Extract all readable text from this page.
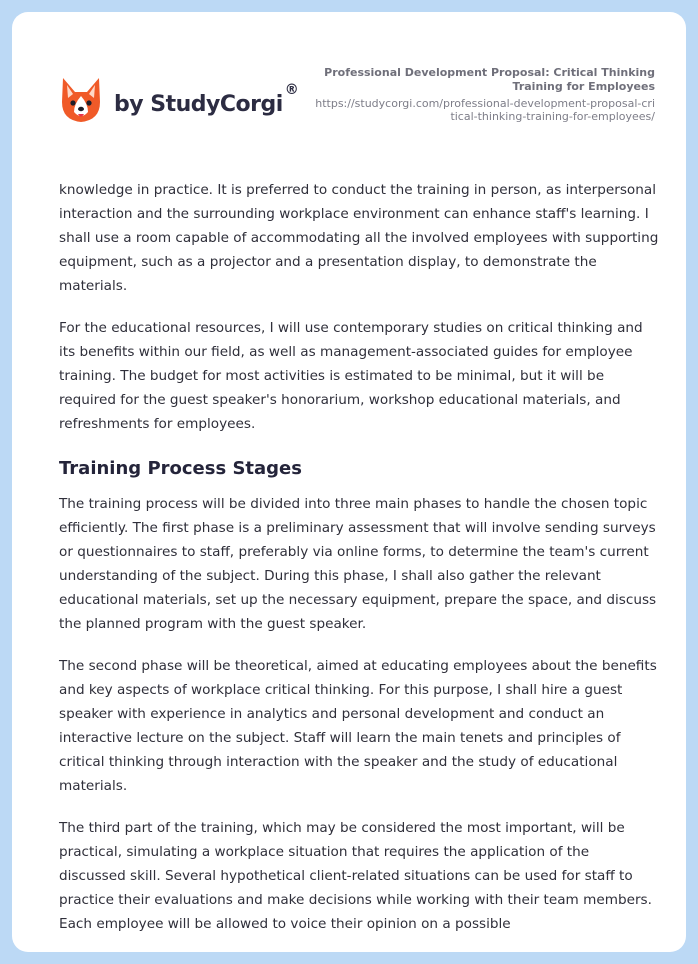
by StudyCorgi®
Professional Development Proposal: Critical Thinking Training for Employees
https://studycorgi.com/professional-development-proposal-critical-thinking-training-for-employees/

knowledge in practice. It is preferred to conduct the training in person, as interpersonal interaction and the surrounding workplace environment can enhance staff's learning. I shall use a room capable of accommodating all the involved employees with supporting equipment, such as a projector and a presentation display, to demonstrate the materials.

For the educational resources, I will use contemporary studies on critical thinking and its benefits within our field, as well as management-associated guides for employee training. The budget for most activities is estimated to be minimal, but it will be required for the guest speaker's honorarium, workshop educational materials, and refreshments for employees.

Training Process Stages

The training process will be divided into three main phases to handle the chosen topic efficiently. The first phase is a preliminary assessment that will involve sending surveys or questionnaires to staff, preferably via online forms, to determine the team's current understanding of the subject. During this phase, I shall also gather the relevant educational materials, set up the necessary equipment, prepare the space, and discuss the planned program with the guest speaker.

The second phase will be theoretical, aimed at educating employees about the benefits and key aspects of workplace critical thinking. For this purpose, I shall hire a guest speaker with experience in analytics and personal development and conduct an interactive lecture on the subject. Staff will learn the main tenets and principles of critical thinking through interaction with the speaker and the study of educational materials.

The third part of the training, which may be considered the most important, will be practical, simulating a workplace situation that requires the application of the discussed skill. Several hypothetical client-related situations can be used for staff to practice their evaluations and make decisions while working with their team members. Each employee will be allowed to voice their opinion on a possible
